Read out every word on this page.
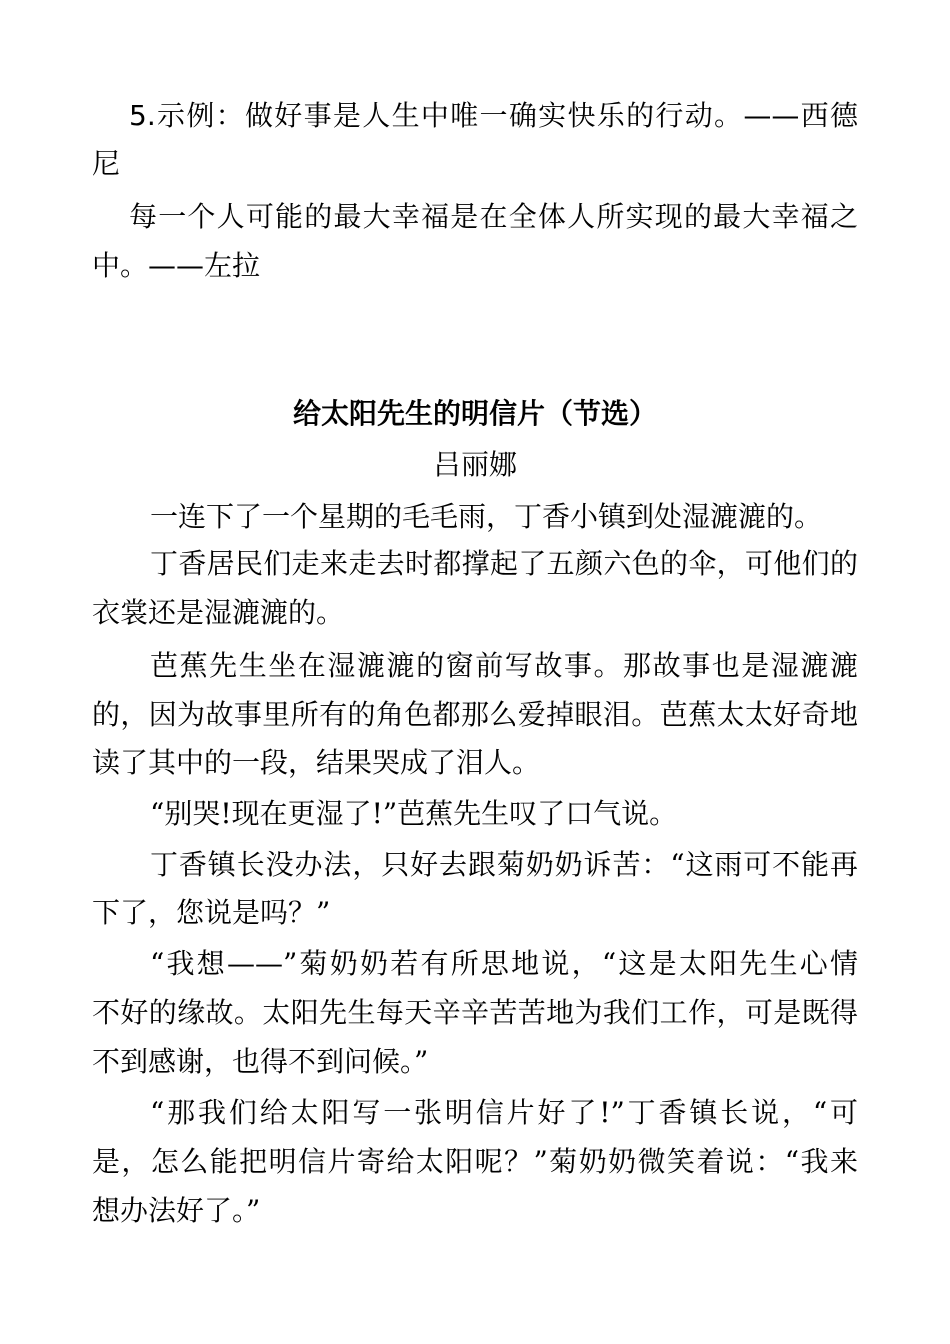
5.示例：做好事是人生中唯一确实快乐的行动。——西德
尼
每一个人可能的最大幸福是在全体人所实现的最大幸福之
中。——左拉
给太阳先生的明信片（节选）
吕丽娜
一连下了一个星期的毛毛雨，丁香小镇到处湿漉漉的。
丁香居民们走来走去时都撑起了五颜六色的伞，可他们的
衣裳还是湿漉漉的。
芭蕉先生坐在湿漉漉的窗前写故事。那故事也是湿漉漉
的，因为故事里所有的角色都那么爱掉眼泪。芭蕉太太好奇地
读了其中的一段，结果哭成了泪人。
“别哭!现在更湿了!”芭蕉先生叹了口气说。
丁香镇长没办法，只好去跟菊奶奶诉苦：“这雨可不能再
下了，您说是吗？”
“我想——”菊奶奶若有所思地说，“这是太阳先生心情
不好的缘故。太阳先生每天辛辛苦苦地为我们工作，可是既得
不到感谢，也得不到问候。”
“那我们给太阳写一张明信片好了!”丁香镇长说，“可
是，怎么能把明信片寄给太阳呢？”菊奶奶微笑着说：“我来
想办法好了。”
